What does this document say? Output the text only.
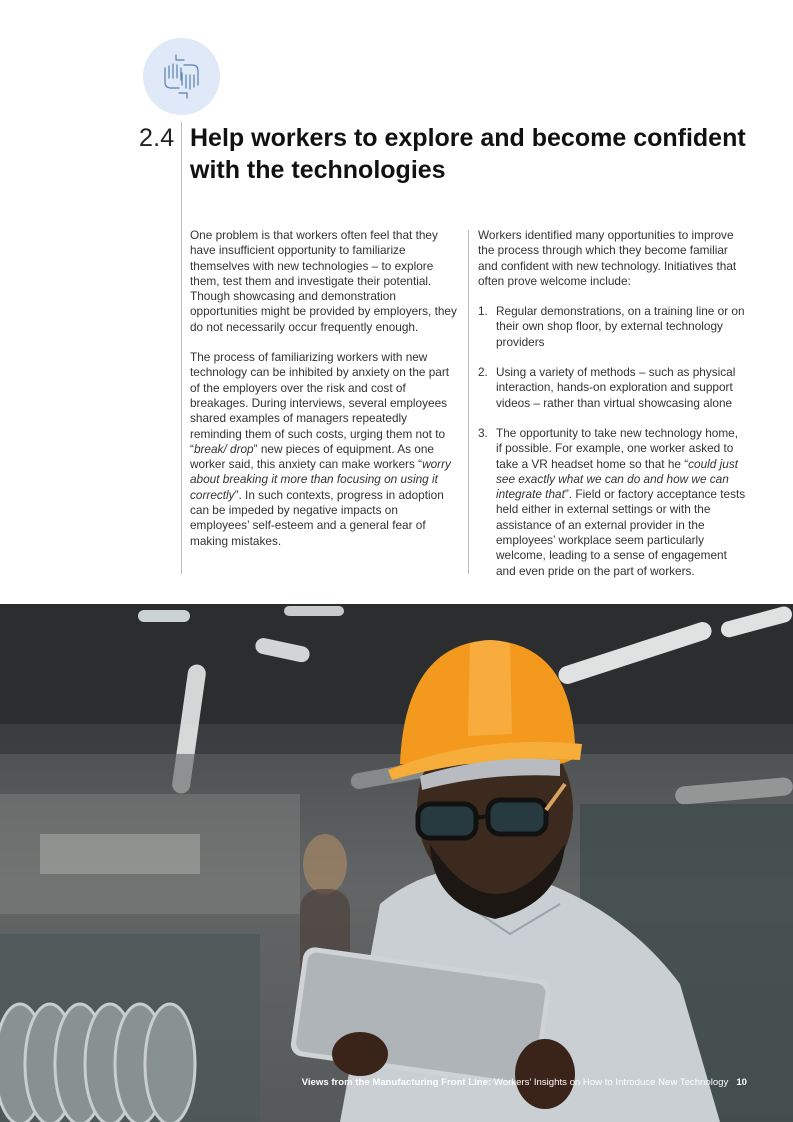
2.4 Help workers to explore and become confident with the technologies

One problem is that workers often feel that they have insufficient opportunity to familiarize themselves with new technologies – to explore them, test them and investigate their potential. Though showcasing and demonstration opportunities might be provided by employers, they do not necessarily occur frequently enough.

The process of familiarizing workers with new technology can be inhibited by anxiety on the part of the employers over the risk and cost of breakages. During interviews, several employees shared examples of managers repeatedly reminding them of such costs, urging them not to “break/ drop” new pieces of equipment. As one worker said, this anxiety can make workers “worry about breaking it more than focusing on using it correctly”. In such contexts, progress in adoption can be impeded by negative impacts on employees’ self-esteem and a general fear of making mistakes.

Workers identified many opportunities to improve the process through which they become familiar and confident with new technology. Initiatives that often prove welcome include:

1. Regular demonstrations, on a training line or on their own shop floor, by external technology providers
2. Using a variety of methods – such as physical interaction, hands-on exploration and support videos – rather than virtual showcasing alone
3. The opportunity to take new technology home, if possible. For example, one worker asked to take a VR headset home so that he “could just see exactly what we can do and how we can integrate that”. Field or factory acceptance tests held either in external settings or with the assistance of an external provider in the employees’ workplace seem particularly welcome, leading to a sense of engagement and even pride on the part of workers.
Views from the Manufacturing Front Line: Workers’ Insights on How to Introduce New Technology 10
